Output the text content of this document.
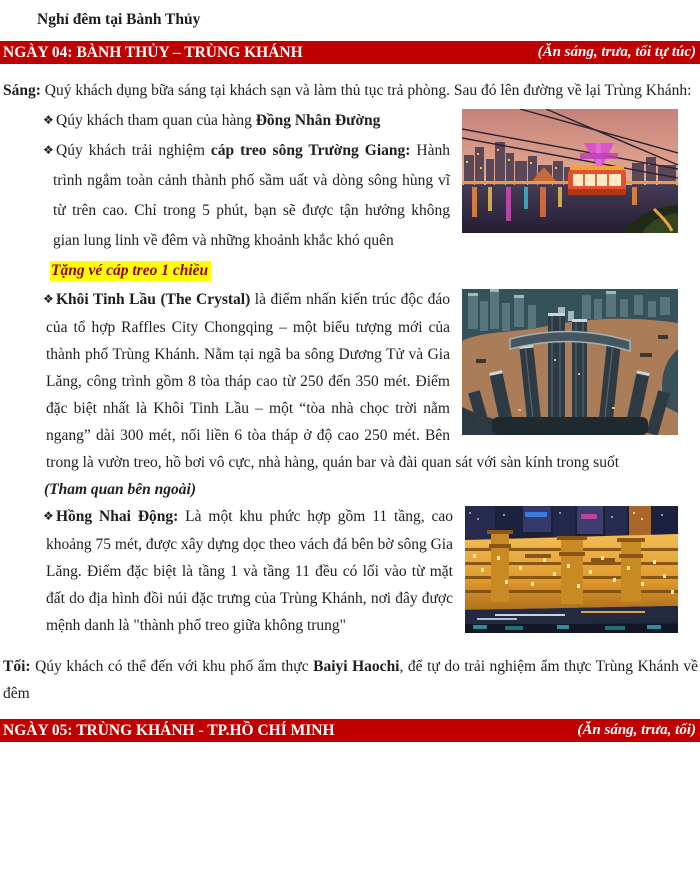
Nghỉ đêm tại Bành Thủy

NGÀY 04: BÀNH THỦY – TRÙNG KHÁNH	(Ăn sáng, trưa, tối tự túc)

Sáng: Quý khách dụng bữa sáng tại khách sạn và làm thủ tục trả phòng. Sau đó lên đường về lại Trùng Khánh:

❖ Qúy khách tham quan của hàng Đồng Nhân Đường

❖ Qúy khách trải nghiệm cáp treo sông Trường Giang: Hành trình ngắm toàn cảnh thành phố sầm uất và dòng sông hùng vĩ từ trên cao. Chỉ trong 5 phút, bạn sẽ được tận hưởng không gian lung linh về đêm và những khoảnh khắc khó quên

Tặng vé cáp treo 1 chiều

❖ Khôi Tinh Lầu (The Crystal) là điểm nhấn kiến trúc độc đáo của tổ hợp Raffles City Chongqing – một biểu tượng mới của thành phố Trùng Khánh. Nằm tại ngã ba sông Dương Tử và Gia Lăng, công trình gồm 8 tòa tháp cao từ 250 đến 350 mét. Điểm đặc biệt nhất là Khôi Tinh Lầu – một “tòa nhà chọc trời nằm ngang” dài 300 mét, nối liền 6 tòa tháp ở độ cao 250 mét. Bên trong là vườn treo, hồ bơi vô cực, nhà hàng, quán bar và đài quan sát với sàn kính trong suốt

(Tham quan bên ngoài)

❖ Hồng Nhai Động: Là một khu phức hợp gồm 11 tầng, cao khoảng 75 mét, được xây dựng dọc theo vách đá bên bờ sông Gia Lăng. Điểm đặc biệt là tầng 1 và tầng 11 đều có lối vào từ mặt đất do địa hình đồi núi đặc trưng của Trùng Khánh, nơi đây được mệnh danh là "thành phố treo giữa không trung"

Tối: Qúy khách có thể đến với khu phố ẩm thực Baiyi Haochi, để tự do trải nghiệm ẩm thực Trùng Khánh về đêm

NGÀY 05: TRÙNG KHÁNH - TP.HỒ CHÍ MINH	(Ăn sáng, trưa, tối)
